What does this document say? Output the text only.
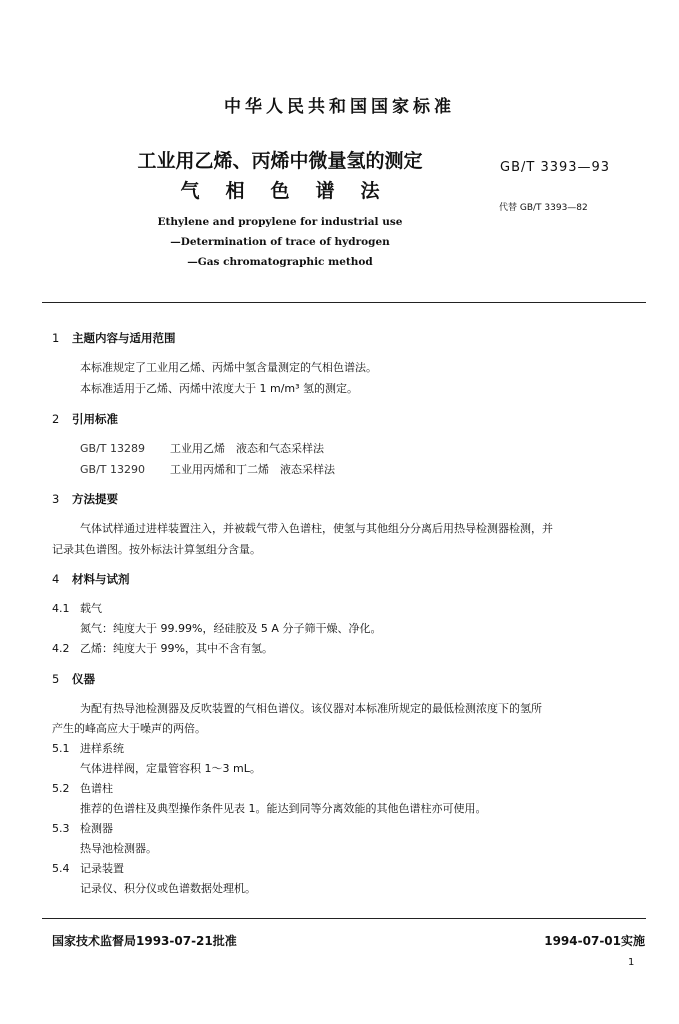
中华人民共和国国家标准
工业用乙烯、丙烯中微量氢的测定
气相色谱法
GB/T 3393—93
代替 GB/T 3393—82
Ethylene and propylene for industrial use
—Determination of trace of hydrogen
—Gas chromatographic method
1 主题内容与适用范围
本标准规定了工业用乙烯、丙烯中氢含量测定的气相色谱法。
本标准适用于乙烯、丙烯中浓度大于 1 m/m³ 氢的测定。
2 引用标准
GB/T 13289 工业用乙烯　液态和气态采样法
GB/T 13290 工业用丙烯和丁二烯　液态采样法
3 方法提要
气体试样通过进样装置注入，并被载气带入色谱柱，使氢与其他组分分离后用热导检测器检测，并
记录其色谱图。按外标法计算氢组分含量。
4 材料与试剂
4.1 载气
氮气：纯度大于 99.99%，经硅胶及 5 A 分子筛干燥、净化。
4.2 乙烯：纯度大于 99%，其中不含有氢。
5 仪器
为配有热导池检测器及反吹装置的气相色谱仪。该仪器对本标准所规定的最低检测浓度下的氢所
产生的峰高应大于噪声的两倍。
5.1 进样系统
气体进样阀，定量管容积 1～3 mL。
5.2 色谱柱
推荐的色谱柱及典型操作条件见表 1。能达到同等分离效能的其他色谱柱亦可使用。
5.3 检测器
热导池检测器。
5.4 记录装置
记录仪、积分仪或色谱数据处理机。
国家技术监督局1993-07-21批准	1994-07-01实施
1
